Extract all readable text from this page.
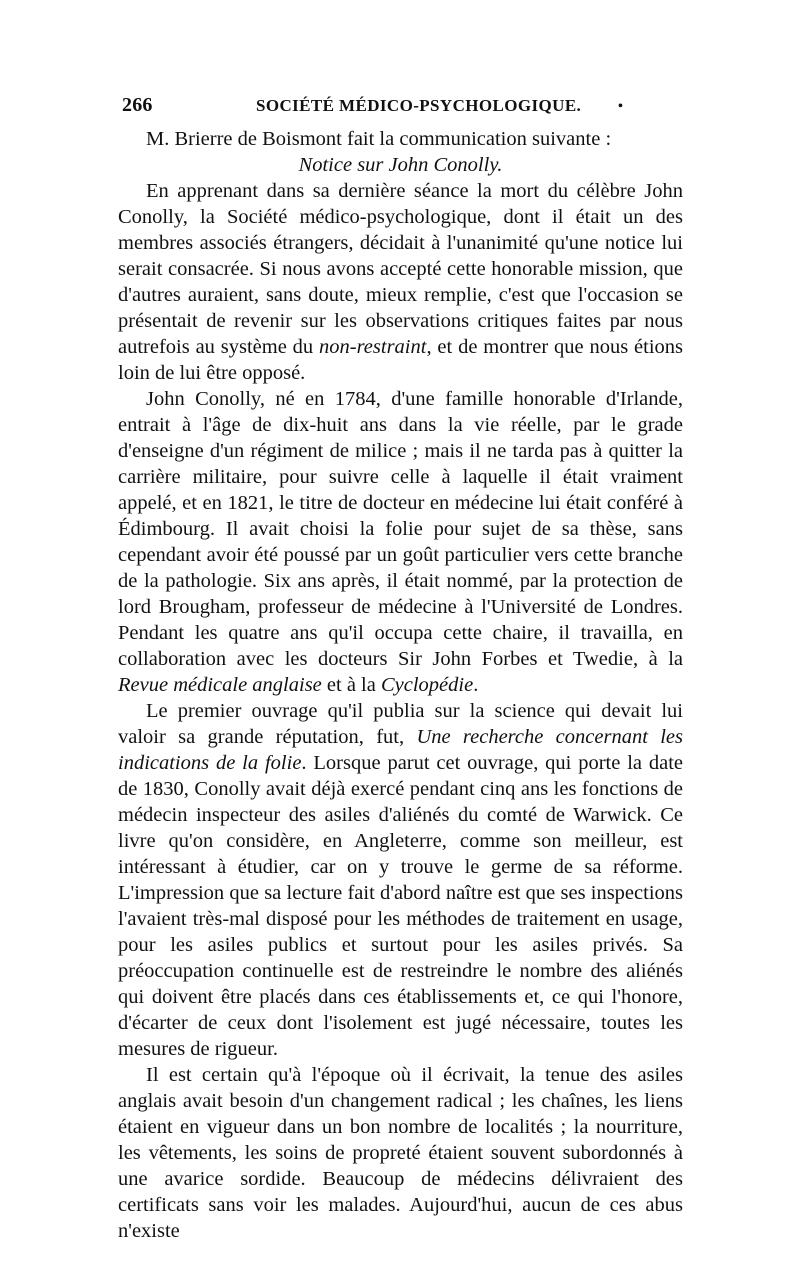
266	SOCIÉTÉ MÉDICO-PSYCHOLOGIQUE.	•

M. Brierre de Boismont fait la communication suivante :

Notice sur John Conolly.

En apprenant dans sa dernière séance la mort du célèbre John Conolly, la Société médico-psychologique, dont il était un des membres associés étrangers, décidait à l'unanimité qu'une notice lui serait consacrée. Si nous avons accepté cette honorable mission, que d'autres auraient, sans doute, mieux remplie, c'est que l'occasion se présentait de revenir sur les observations critiques faites par nous autrefois au système du non-restraint, et de montrer que nous étions loin de lui être opposé.

John Conolly, né en 1784, d'une famille honorable d'Irlande, entrait à l'âge de dix-huit ans dans la vie réelle, par le grade d'enseigne d'un régiment de milice ; mais il ne tarda pas à quitter la carrière militaire, pour suivre celle à laquelle il était vraiment appelé, et en 1821, le titre de docteur en médecine lui était conféré à Édimbourg. Il avait choisi la folie pour sujet de sa thèse, sans cependant avoir été poussé par un goût particulier vers cette branche de la pathologie. Six ans après, il était nommé, par la protection de lord Brougham, professeur de médecine à l'Université de Londres. Pendant les quatre ans qu'il occupa cette chaire, il travailla, en collaboration avec les docteurs Sir John Forbes et Twedie, à la Revue médicale anglaise et à la Cyclopédie.

Le premier ouvrage qu'il publia sur la science qui devait lui valoir sa grande réputation, fut, Une recherche concernant les indications de la folie. Lorsque parut cet ouvrage, qui porte la date de 1830, Conolly avait déjà exercé pendant cinq ans les fonctions de médecin inspecteur des asiles d'aliénés du comté de Warwick. Ce livre qu'on considère, en Angleterre, comme son meilleur, est intéressant à étudier, car on y trouve le germe de sa réforme. L'impression que sa lecture fait d'abord naître est que ses inspections l'avaient très-mal disposé pour les méthodes de traitement en usage, pour les asiles publics et surtout pour les asiles privés. Sa préoccupation continuelle est de restreindre le nombre des aliénés qui doivent être placés dans ces établissements et, ce qui l'honore, d'écarter de ceux dont l'isolement est jugé nécessaire, toutes les mesures de rigueur.

Il est certain qu'à l'époque où il écrivait, la tenue des asiles anglais avait besoin d'un changement radical ; les chaînes, les liens étaient en vigueur dans un bon nombre de localités ; la nourriture, les vêtements, les soins de propreté étaient souvent subordonnés à une avarice sordide. Beaucoup de médecins délivraient des certificats sans voir les malades. Aujourd'hui, aucun de ces abus n'existe
